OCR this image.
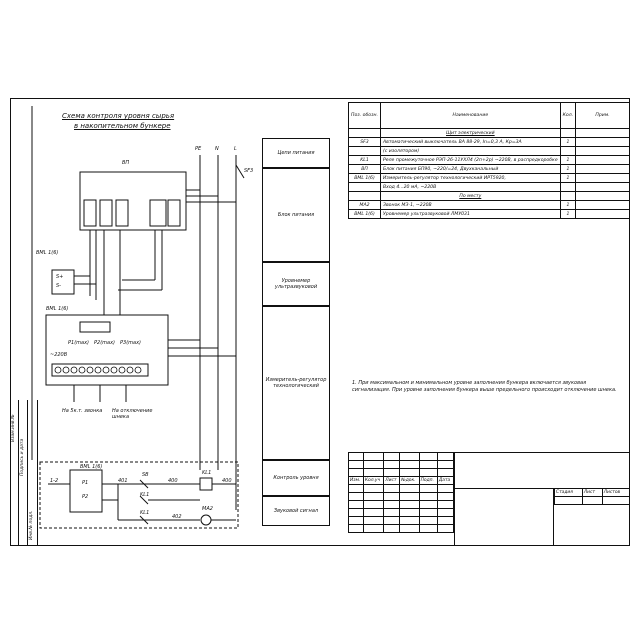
Схема контроля уровня сырья
в накопительном бункере
PE	N	L
SF3
BП
BML 1(6)
S+
S-
BML 1(6)
P1(max) P2(max) P3(max)
~220В
На 5к.т. звонка На отключение шнека
BML 1(6)
P1
P2
1-2	401
SB
400
KL1
400
KL1
KL1
402
MA2
Цепи питания
Блок питания
Уровнемер ультразвуковой
Измеритель-регулятор технологический
Контроль уровня
Звуковой сигнал
Поз. обозн.	Наименование	Кол.	Прим.
	Щит электрический		
SF3	Автоматический выключатель ВА 88-29, In=0,3 А, Кр=3А	1	
	(с изолятором)		
KL1	Реле промежуточное РЭП-26-11УХЛ4 (2п+2р) ~220В, в распредкоробке	1	
BП	Блок питания БП90, ~220/=24, Двухканальный	1	
BML 1(6)	Измеритель-регулятор технологический ИРТ5920,	1	
	Вход 4...20 мА, ~220В		
	По месту		
MA2	Звонок МЗ-1, ~220В	1	
BML 1(6)	Уровнемер ультразвуковой ЛМУ031	1	
1. При максимальном и минимальном уровне заполнения бункера включается звуковая сигнализация. При уровне заполнения бункера выше предельного происходит отключение шнека.

Изм.	Кол.уч	Лист	№док.	Подп.	Дата

Стадия	Лист	Листов

Взам.инв.№
Подпись и дата
Инв.№ подл.
